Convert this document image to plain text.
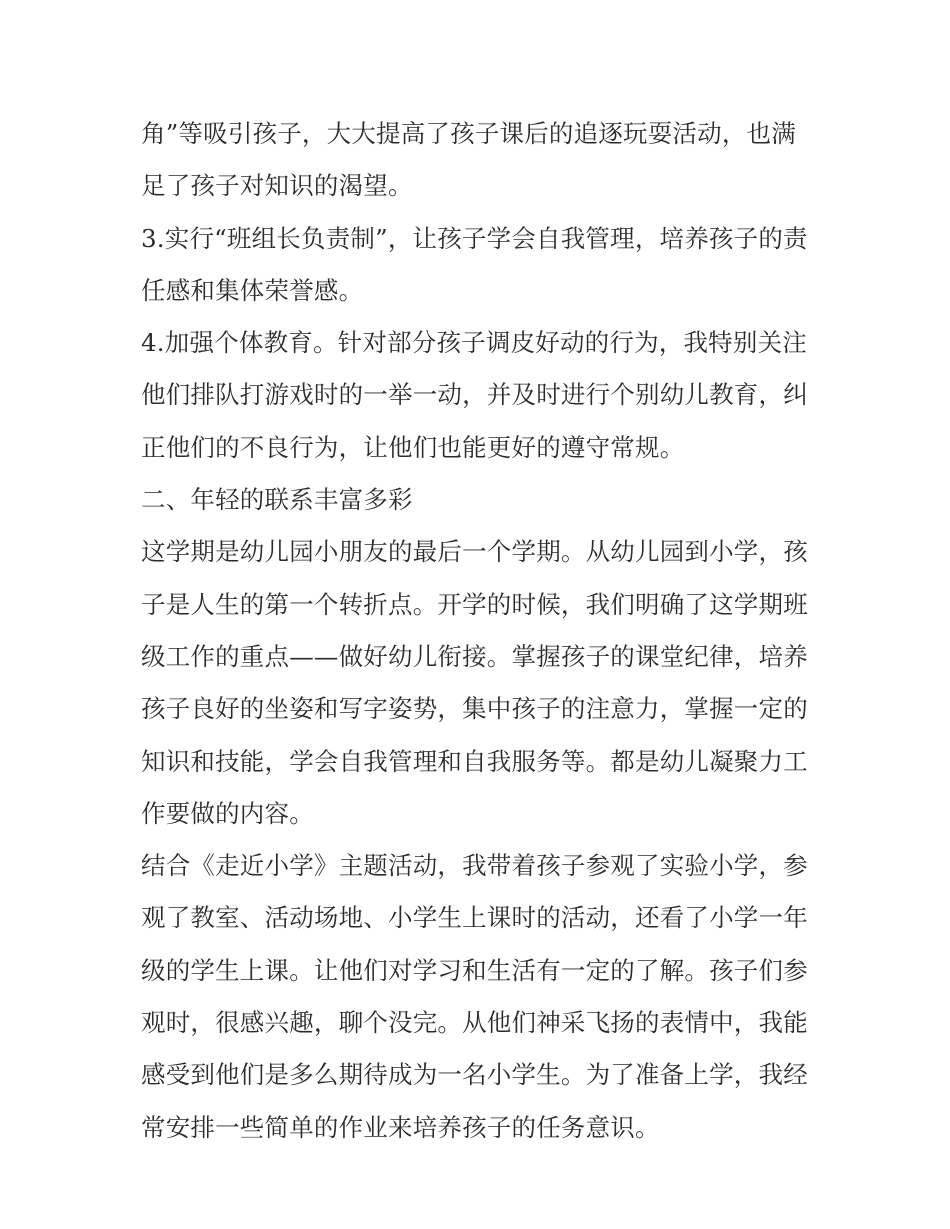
角”等吸引孩子，大大提高了孩子课后的追逐玩耍活动，也满
足了孩子对知识的渴望。
3.实行“班组长负责制”，让孩子学会自我管理，培养孩子的责
任感和集体荣誉感。
4.加强个体教育。针对部分孩子调皮好动的行为，我特别关注
他们排队打游戏时的一举一动，并及时进行个别幼儿教育，纠
正他们的不良行为，让他们也能更好的遵守常规。
二、年轻的联系丰富多彩
这学期是幼儿园小朋友的最后一个学期。从幼儿园到小学，孩
子是人生的第一个转折点。开学的时候，我们明确了这学期班
级工作的重点——做好幼儿衔接。掌握孩子的课堂纪律，培养
孩子良好的坐姿和写字姿势，集中孩子的注意力，掌握一定的
知识和技能，学会自我管理和自我服务等。都是幼儿凝聚力工
作要做的内容。
结合《走近小学》主题活动，我带着孩子参观了实验小学，参
观了教室、活动场地、小学生上课时的活动，还看了小学一年
级的学生上课。让他们对学习和生活有一定的了解。孩子们参
观时，很感兴趣，聊个没完。从他们神采飞扬的表情中，我能
感受到他们是多么期待成为一名小学生。为了准备上学，我经
常安排一些简单的作业来培养孩子的任务意识。
